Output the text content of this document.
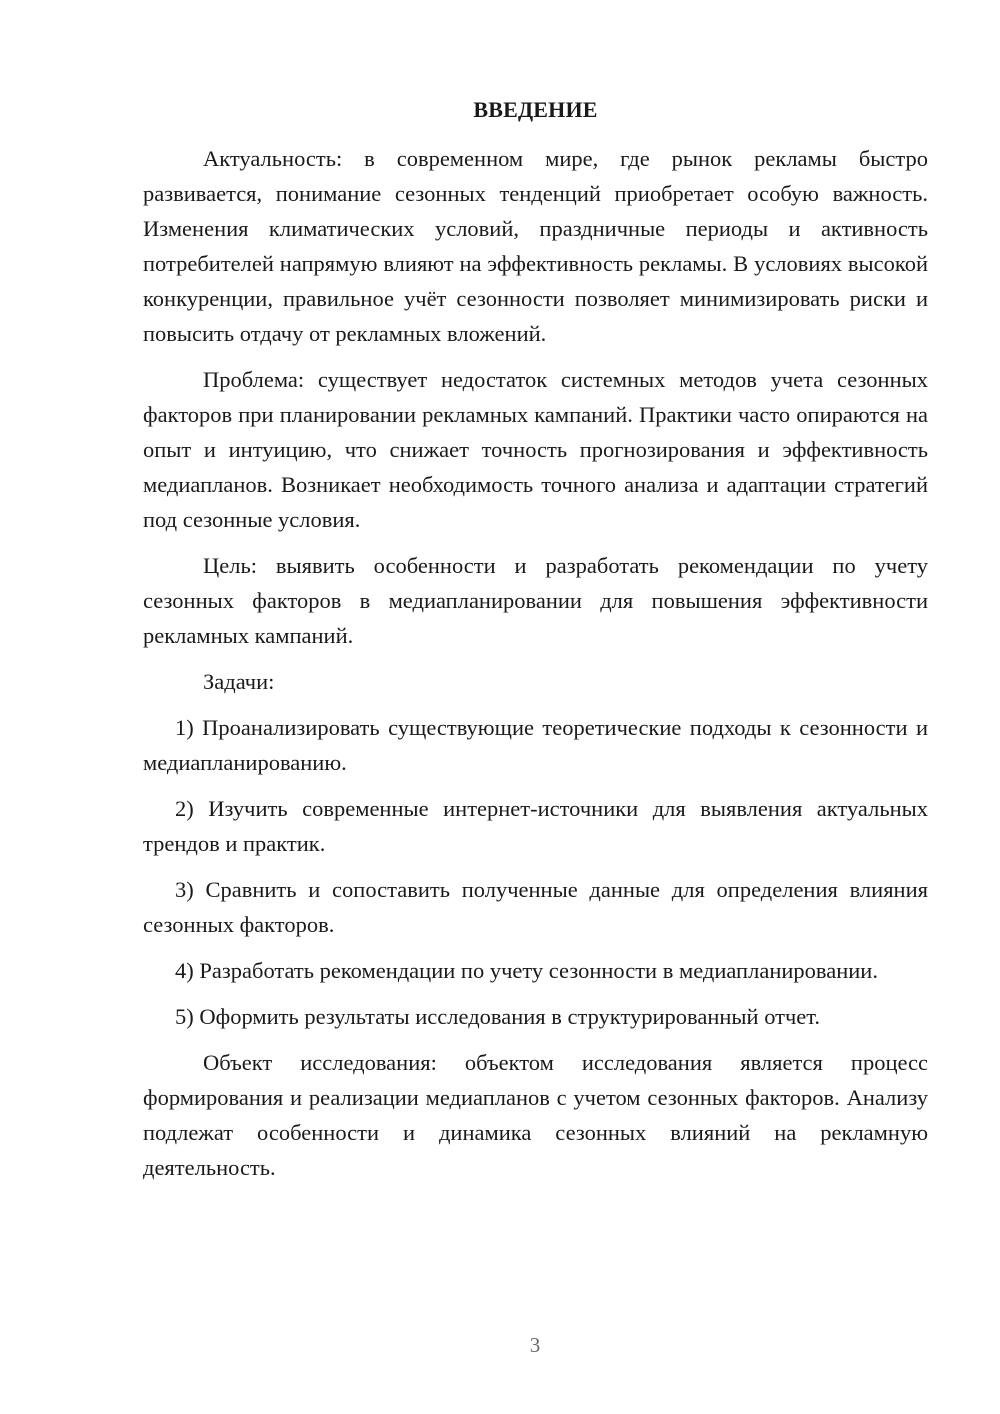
ВВЕДЕНИЕ

Актуальность: в современном мире, где рынок рекламы быстро развивается, понимание сезонных тенденций приобретает особую важность. Изменения климатических условий, праздничные периоды и активность потребителей напрямую влияют на эффективность рекламы. В условиях высокой конкуренции, правильное учёт сезонности позволяет минимизировать риски и повысить отдачу от рекламных вложений.

Проблема: существует недостаток системных методов учета сезонных факторов при планировании рекламных кампаний. Практики часто опираются на опыт и интуицию, что снижает точность прогнозирования и эффективность медиапланов. Возникает необходимость точного анализа и адаптации стратегий под сезонные условия.

Цель: выявить особенности и разработать рекомендации по учету сезонных факторов в медиапланировании для повышения эффективности рекламных кампаний.

Задачи:

1) Проанализировать существующие теоретические подходы к сезонности и медиапланированию.

2) Изучить современные интернет-источники для выявления актуальных трендов и практик.

3) Сравнить и сопоставить полученные данные для определения влияния сезонных факторов.

4) Разработать рекомендации по учету сезонности в медиапланировании.

5) Оформить результаты исследования в структурированный отчет.

Объект исследования: объектом исследования является процесс формирования и реализации медиапланов с учетом сезонных факторов. Анализу подлежат особенности и динамика сезонных влияний на рекламную деятельность.

3
